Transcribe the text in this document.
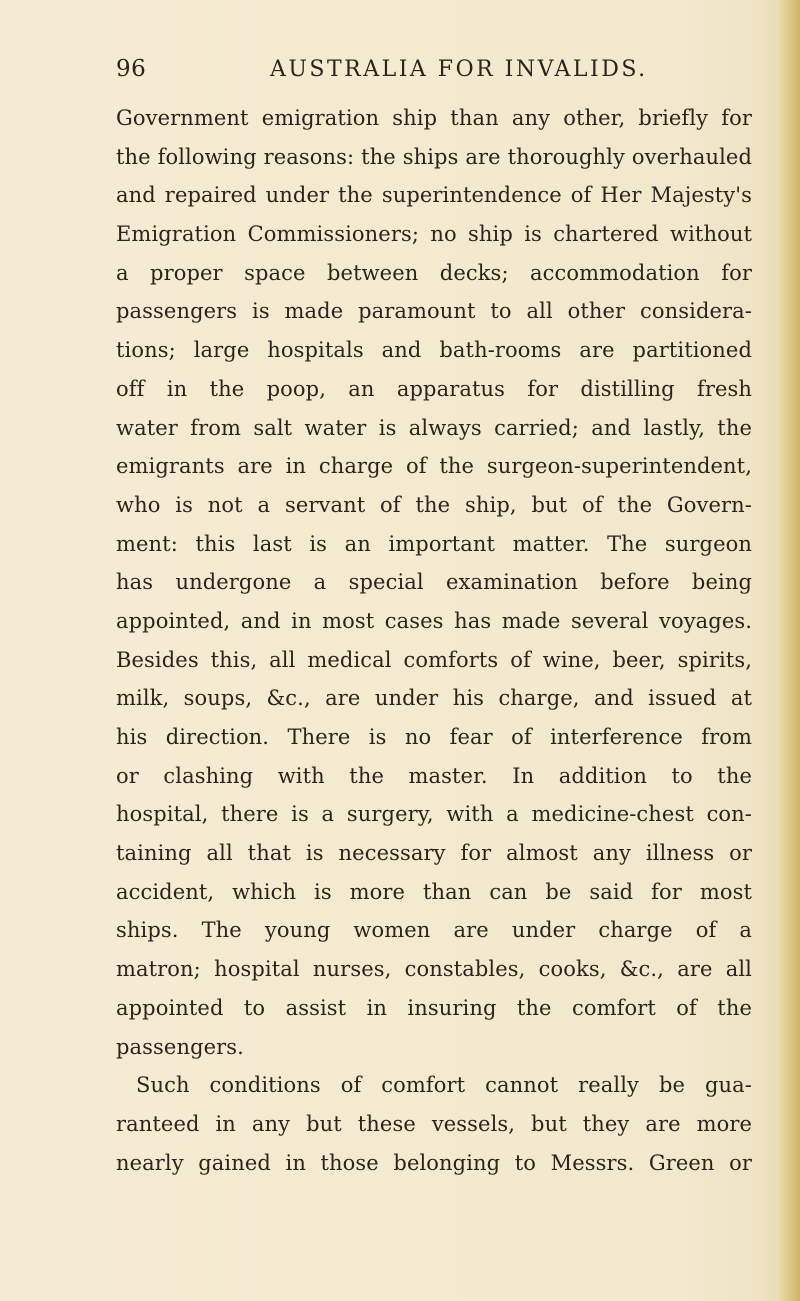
96	AUSTRALIA FOR INVALIDS.
Government emigration ship than any other, briefly for
the following reasons: the ships are thoroughly overhauled
and repaired under the superintendence of Her Majesty's
Emigration Commissioners; no ship is chartered without
a proper space between decks; accommodation for
passengers is made paramount to all other considera-
tions; large hospitals and bath-rooms are partitioned
off in the poop, an apparatus for distilling fresh
water from salt water is always carried; and lastly, the
emigrants are in charge of the surgeon-superintendent,
who is not a servant of the ship, but of the Govern-
ment: this last is an important matter. The surgeon
has undergone a special examination before being
appointed, and in most cases has made several voyages.
Besides this, all medical comforts of wine, beer, spirits,
milk, soups, &c., are under his charge, and issued at
his direction. There is no fear of interference from
or clashing with the master. In addition to the
hospital, there is a surgery, with a medicine-chest con-
taining all that is necessary for almost any illness or
accident, which is more than can be said for most
ships. The young women are under charge of a
matron; hospital nurses, constables, cooks, &c., are all
appointed to assist in insuring the comfort of the
passengers.
Such conditions of comfort cannot really be gua-
ranteed in any but these vessels, but they are more
nearly gained in those belonging to Messrs. Green or
